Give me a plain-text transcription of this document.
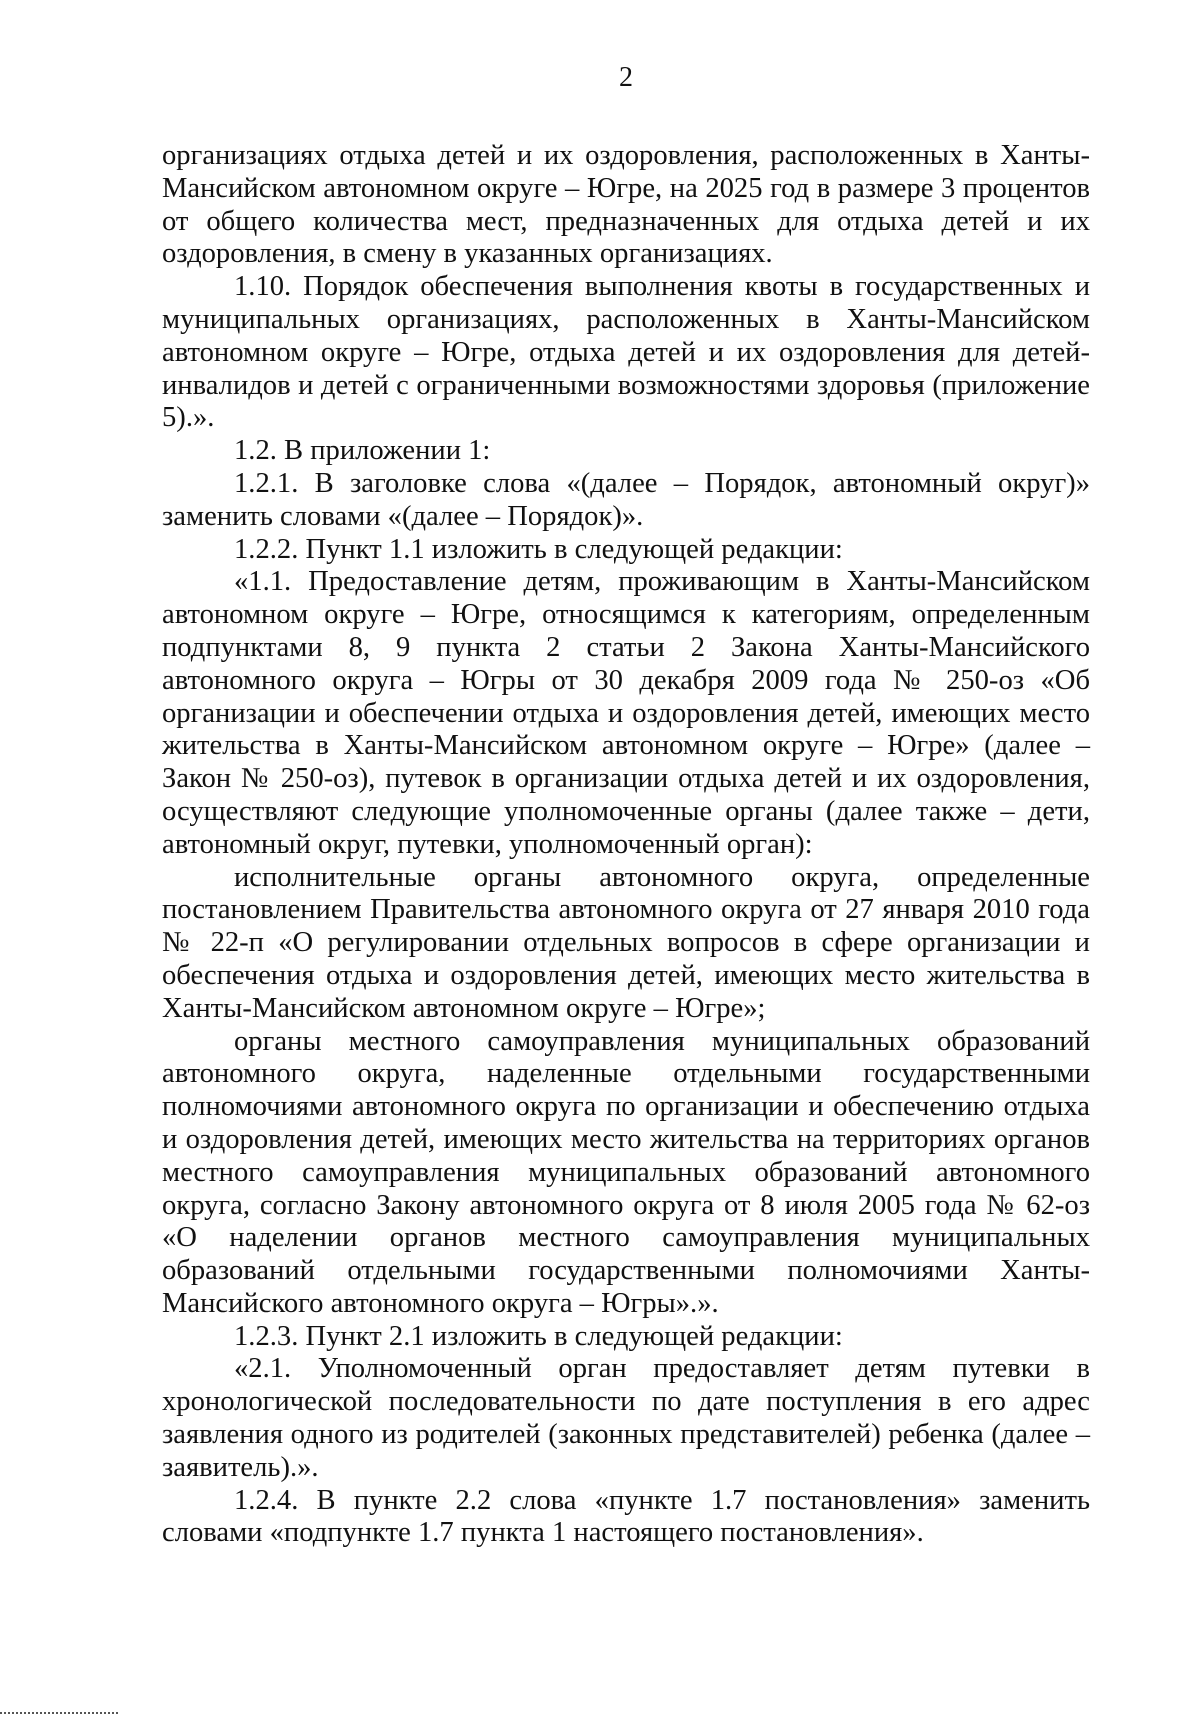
2

организациях отдыха детей и их оздоровления, расположенных в Ханты-Мансийском автономном округе – Югре, на 2025 год в размере 3 процентов от общего количества мест, предназначенных для отдыха детей и их оздоровления, в смену в указанных организациях.

1.10. Порядок обеспечения выполнения квоты в государственных и муниципальных организациях, расположенных в Ханты-Мансийском автономном округе – Югре, отдыха детей и их оздоровления для детей-инвалидов и детей с ограниченными возможностями здоровья (приложение 5).».

1.2. В приложении 1:

1.2.1. В заголовке слова «(далее – Порядок, автономный округ)» заменить словами «(далее – Порядок)».

1.2.2. Пункт 1.1 изложить в следующей редакции:

«1.1. Предоставление детям, проживающим в Ханты-Мансийском автономном округе – Югре, относящимся к категориям, определенным подпунктами 8, 9 пункта 2 статьи 2 Закона Ханты-Мансийского автономного округа – Югры от 30 декабря 2009 года № 250-оз «Об организации и обеспечении отдыха и оздоровления детей, имеющих место жительства в Ханты-Мансийском автономном округе – Югре» (далее – Закон № 250-оз), путевок в организации отдыха детей и их оздоровления, осуществляют следующие уполномоченные органы (далее также – дети, автономный округ, путевки, уполномоченный орган):

исполнительные органы автономного округа, определенные постановлением Правительства автономного округа от 27 января 2010 года № 22-п «О регулировании отдельных вопросов в сфере организации и обеспечения отдыха и оздоровления детей, имеющих место жительства в Ханты-Мансийском автономном округе – Югре»;

органы местного самоуправления муниципальных образований автономного округа, наделенные отдельными государственными полномочиями автономного округа по организации и обеспечению отдыха и оздоровления детей, имеющих место жительства на территориях органов местного самоуправления муниципальных образований автономного округа, согласно Закону автономного округа от 8 июля 2005 года № 62-оз «О наделении органов местного самоуправления муниципальных образований отдельными государственными полномочиями Ханты-Мансийского автономного округа – Югры».».

1.2.3. Пункт 2.1 изложить в следующей редакции:

«2.1. Уполномоченный орган предоставляет детям путевки в хронологической последовательности по дате поступления в его адрес заявления одного из родителей (законных представителей) ребенка (далее – заявитель).».

1.2.4. В пункте 2.2 слова «пункте 1.7 постановления» заменить словами «подпункте 1.7 пункта 1 настоящего постановления».
